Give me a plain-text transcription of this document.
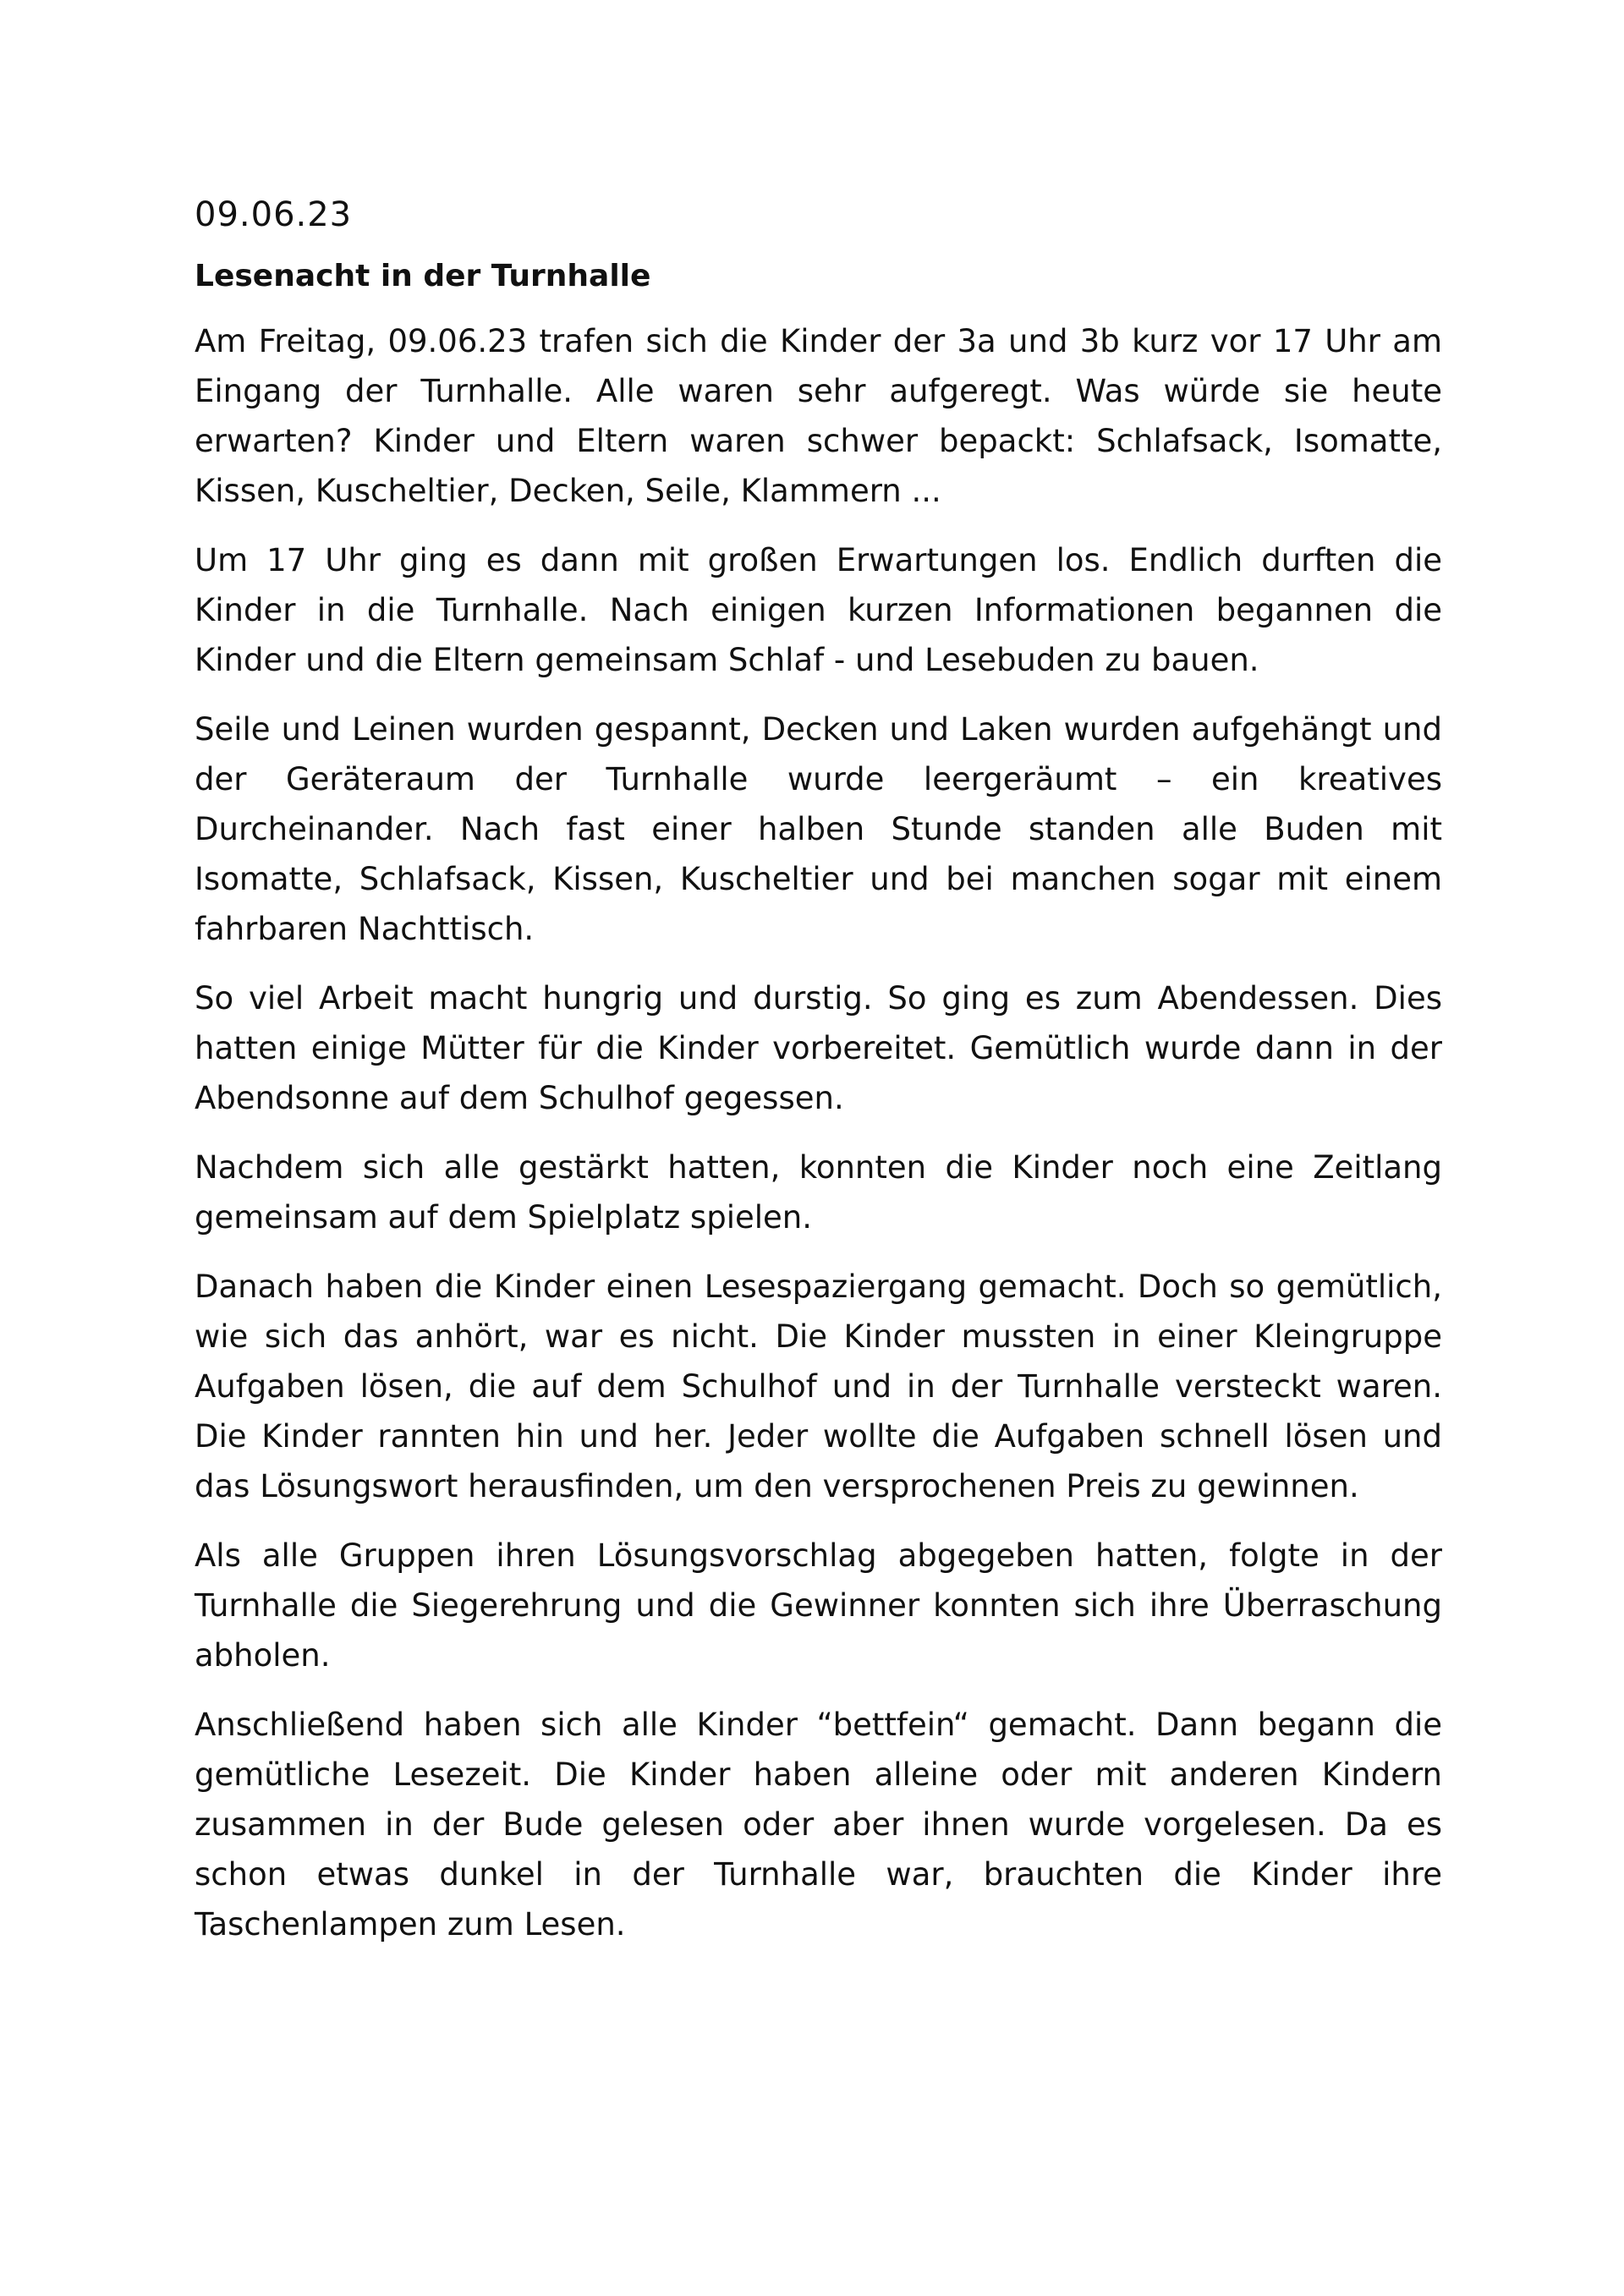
09.06.23

Lesenacht in der Turnhalle

Am Freitag, 09.06.23 trafen sich die Kinder der 3a und 3b kurz vor 17 Uhr am Eingang der Turnhalle. Alle waren sehr aufgeregt. Was würde sie heute erwarten? Kinder und Eltern waren schwer bepackt: Schlafsack, Isomatte, Kissen, Kuscheltier, Decken, Seile, Klammern ...

Um 17 Uhr ging es dann mit großen Erwartungen los. Endlich durften die Kinder in die Turnhalle. Nach einigen kurzen Informationen begannen die Kinder und die Eltern gemeinsam Schlaf - und Lesebuden zu bauen.

Seile und Leinen wurden gespannt, Decken und Laken wurden aufgehängt und der Geräteraum der Turnhalle wurde leergeräumt – ein kreatives Durcheinander. Nach fast einer halben Stunde standen alle Buden mit Isomatte, Schlafsack, Kissen, Kuscheltier und bei manchen sogar mit einem fahrbaren Nachttisch.

So viel Arbeit macht hungrig und durstig. So ging es zum Abendessen. Dies hatten einige Mütter für die Kinder vorbereitet. Gemütlich wurde dann in der Abendsonne auf dem Schulhof gegessen.

Nachdem sich alle gestärkt hatten, konnten die Kinder noch eine Zeitlang gemeinsam auf dem Spielplatz spielen.

Danach haben die Kinder einen Lesespaziergang gemacht. Doch so gemütlich, wie sich das anhört, war es nicht. Die Kinder mussten in einer Kleingruppe Aufgaben lösen, die auf dem Schulhof und in der Turnhalle versteckt waren. Die Kinder rannten hin und her. Jeder wollte die Aufgaben schnell lösen und das Lösungswort herausfinden, um den versprochenen Preis zu gewinnen.

Als alle Gruppen ihren Lösungsvorschlag abgegeben hatten, folgte in der Turnhalle die Siegerehrung und die Gewinner konnten sich ihre Überraschung abholen.

Anschließend haben sich alle Kinder “bettfein“ gemacht. Dann begann die gemütliche Lesezeit. Die Kinder haben alleine oder mit anderen Kindern zusammen in der Bude gelesen oder aber ihnen wurde vorgelesen. Da es schon etwas dunkel in der Turnhalle war, brauchten die Kinder ihre Taschenlampen zum Lesen.
